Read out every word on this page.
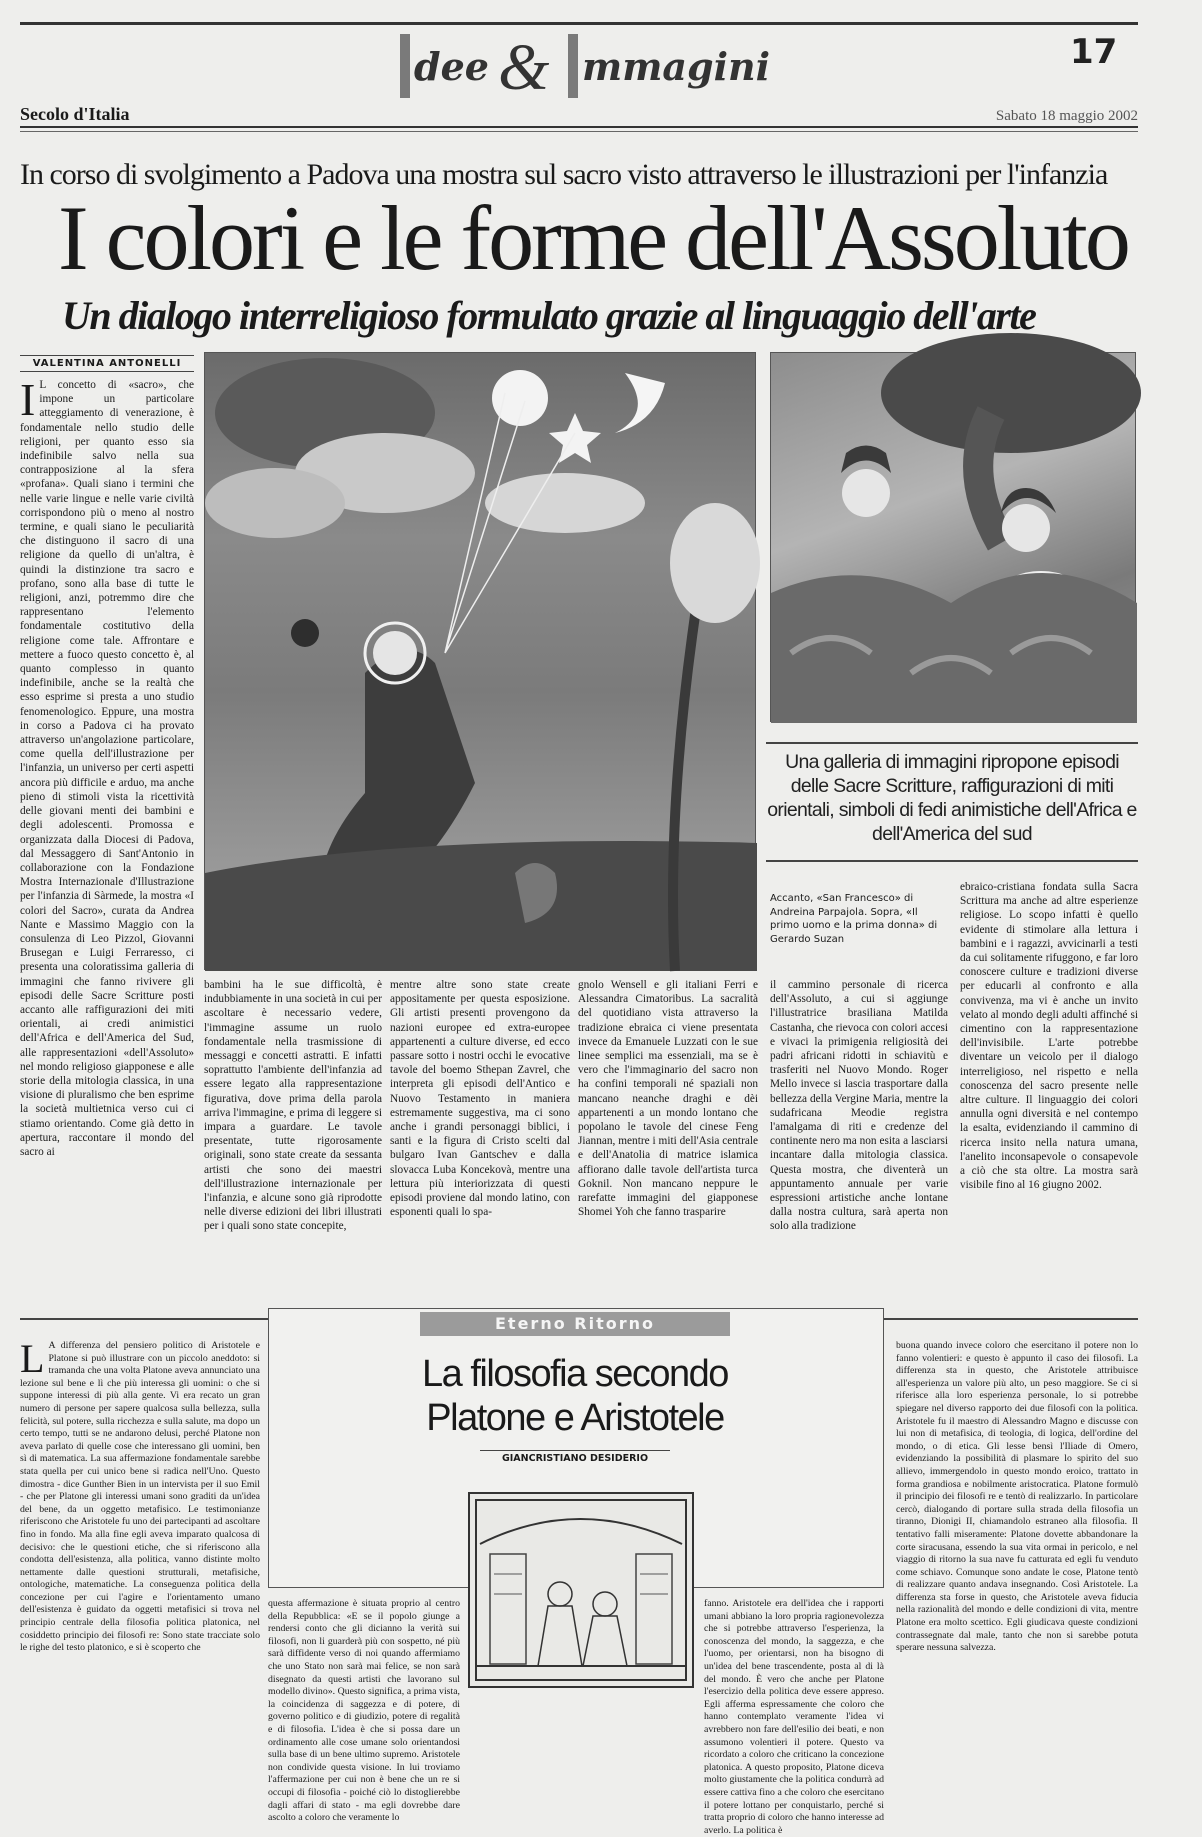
dee & mmagini	17
Secolo d'Italia	Sabato 18 maggio 2002
In corso di svolgimento a Padova una mostra sul sacro visto attraverso le illustrazioni per l'infanzia
I colori e le forme dell'Assoluto
Un dialogo interreligioso formulato grazie al linguaggio dell'arte
VALENTINA ANTONELLI
I L concetto di «sacro», che impone un particolare atteggiamento di venerazione, è fondamentale nello studio delle religioni, per quanto esso sia indefinibile salvo nella sua contrapposizione al la sfera «profana». Quali siano i termini che nelle varie lingue e nelle varie civiltà corrispondono più o meno al nostro termine, e quali siano le peculiarità che distinguono il sacro di una religione da quello di un'altra, è quindi la distinzione tra sacro e profano, sono alla base di tutte le religioni, anzi, potremmo dire che rappresentano l'elemento fondamentale costitutivo della religione come tale. Affrontare e mettere a fuoco questo concetto è, al quanto complesso in quanto indefinibile, anche se la realtà che esso esprime si presta a uno studio fenomenologico. Eppure, una mostra in corso a Padova ci ha provato attraverso un'angolazione particolare, come quella dell'illustrazione per l'infanzia, un universo per certi aspetti ancora più difficile e arduo, ma anche pieno di stimoli vista la ricettività delle giovani menti dei bambini e degli adolescenti. Promossa e organizzata dalla Diocesi di Padova, dal Messaggero di Sant'Antonio in collaborazione con la Fondazione Mostra Internazionale d'Illustrazione per l'infanzia di Sàrmede, la mostra «I colori del Sacro», curata da Andrea Nante e Massimo Maggio con la consulenza di Leo Pizzol, Giovanni Brusegan e Luigi Ferraresso, ci presenta una coloratissima galleria di immagini che fanno rivivere gli episodi delle Sacre Scritture posti accanto alle raffigurazioni dei miti orientali, ai credi animistici dell'Africa e dell'America del Sud, alle rappresentazioni «dell'Assoluto» nel mondo religioso giapponese e alle storie della mitologia classica, in una visione di pluralismo che ben esprime la società multietnica verso cui ci stiamo orientando. Come già detto in apertura, raccontare il mondo del sacro ai
Una galleria di immagini ripropone episodi delle Sacre Scritture, raffigurazioni di miti orientali, simboli di fedi animistiche dell'Africa e dell'America del sud
Accanto, «San Francesco» di Andreina Parpajola. Sopra, «Il primo uomo e la prima donna» di Gerardo Suzan
bambini ha le sue difficoltà, è indubbiamente in una società in cui per ascoltare è necessario vedere, l'immagine assume un ruolo fondamentale nella trasmissione di messaggi e concetti astratti. E infatti soprattutto l'ambiente dell'infanzia ad essere legato alla rappresentazione figurativa, dove prima della parola arriva l'immagine, e prima di leggere si impara a guardare. Le tavole presentate, tutte rigorosamente originali, sono state create da sessanta artisti che sono dei maestri dell'illustrazione internazionale per l'infanzia, e alcune sono già riprodotte nelle diverse edizioni dei libri illustrati per i quali sono state concepite,
mentre altre sono state create appositamente per questa esposizione. Gli artisti presenti provengono da nazioni europee ed extra-europee appartenenti a culture diverse, ed ecco passare sotto i nostri occhi le evocative tavole del boemo Sthepan Zavrel, che interpreta gli episodi dell'Antico e Nuovo Testamento in maniera estremamente suggestiva, ma ci sono anche i grandi personaggi biblici, i santi e la figura di Cristo scelti dal bulgaro Ivan Gantschev e dalla slovacca Luba Koncekovà, mentre una lettura più interiorizzata di questi episodi proviene dal mondo latino, con esponenti quali lo spa-
gnolo Wensell e gli italiani Ferri e Alessandra Cimatoribus. La sacralità del quotidiano vista attraverso la tradizione ebraica ci viene presentata invece da Emanuele Luzzati con le sue linee semplici ma essenziali, ma se è vero che l'immaginario del sacro non ha confini temporali né spaziali non mancano neanche draghi e dèi appartenenti a un mondo lontano che popolano le tavole del cinese Feng Jiannan, mentre i miti dell'Asia centrale e dell'Anatolia di matrice islamica affiorano dalle tavole dell'artista turca Goknil. Non mancano neppure le rarefatte immagini del giapponese Shomei Yoh che fanno trasparire
il cammino personale di ricerca dell'Assoluto, a cui si aggiunge l'illustratrice brasiliana Matilda Castanha, che rievoca con colori accesi e vivaci la primigenia religiosità dei padri africani ridotti in schiavitù e trasferiti nel Nuovo Mondo. Roger Mello invece si lascia trasportare dalla bellezza della Vergine Maria, mentre la sudafricana Meodie registra l'amalgama di riti e credenze del continente nero ma non esita a lasciarsi incantare dalla mitologia classica. Questa mostra, che diventerà un appuntamento annuale per varie espressioni artistiche anche lontane dalla nostra cultura, sarà aperta non solo alla tradizione
ebraico-cristiana fondata sulla Sacra Scrittura ma anche ad altre esperienze religiose. Lo scopo infatti è quello evidente di stimolare alla lettura i bambini e i ragazzi, avvicinarli a testi da cui solitamente rifuggono, e far loro conoscere culture e tradizioni diverse per educarli al confronto e alla convivenza, ma vi è anche un invito velato al mondo degli adulti affinché si cimentino con la rappresentazione dell'invisibile. L'arte potrebbe diventare un veicolo per il dialogo interreligioso, nel rispetto e nella conoscenza del sacro presente nelle altre culture. Il linguaggio dei colori annulla ogni diversità e nel contempo la esalta, evidenziando il cammino di ricerca insito nella natura umana, l'anelito inconsapevole o consapevole a ciò che sta oltre. La mostra sarà visibile fino al 16 giugno 2002.
L A differenza del pensiero politico di Aristotele e Platone si può illustrare con un piccolo aneddoto: si tramanda che una volta Platone aveva annunciato una lezione sul bene e lì che più interessa gli uomini: o che si suppone interessi di più alla gente. Vi era recato un gran numero di persone per sapere qualcosa sulla bellezza, sulla felicità, sul potere, sulla ricchezza e sulla salute, ma dopo un certo tempo, tutti se ne andarono delusi, perché Platone non aveva parlato di quelle cose che interessano gli uomini, ben sì di matematica. La sua affermazione fondamentale sarebbe stata quella per cui unico bene si radica nell'Uno. Questo dimostra - dice Gunther Bien in un intervista per il suo Emil - che per Platone gli interessi umani sono graditi da un'idea del bene, da un oggetto metafisico. Le testimonianze riferiscono che Aristotele fu uno dei partecipanti ad ascoltare fino in fondo. Ma alla fine egli aveva imparato qualcosa di decisivo: che le questioni etiche, che si riferiscono alla condotta dell'esistenza, alla politica, vanno distinte molto nettamente dalle questioni strutturali, metafisiche, ontologiche, matematiche. La conseguenza politica della concezione per cui l'agire e l'orientamento umano dell'esistenza è guidato da oggetti metafisici si trova nel principio centrale della filosofia politica platonica, nel cosiddetto principio dei filosofi re: Sono state tracciate solo le righe del testo platonico, e si è scoperto che
Eterno Ritorno
La filosofia secondo
Platone e Aristotele
GIANCRISTIANO DESIDERIO
questa affermazione è situata proprio al centro della Repubblica: «E se il popolo giunge a rendersi conto che gli dicianno la verità sui filosofi, non li guarderà più con sospetto, né più sarà diffidente verso di noi quando affermiamo che uno Stato non sarà mai felice, se non sarà disegnato da questi artisti che lavorano sul modello divino». Questo significa, a prima vista, la coincidenza di saggezza e di potere, di governo politico e di giudizio, potere di regalità e di filosofia. L'idea è che si possa dare un ordinamento alle cose umane solo orientandosi sulla base di un bene ultimo supremo. Aristotele non condivide questa visione. In lui troviamo l'affermazione per cui non è bene che un re si occupi di filosofia - poiché ciò lo distoglierebbe dagli affari di stato - ma egli dovrebbe dare ascolto a coloro che veramente lo
fanno. Aristotele era dell'idea che i rapporti umani abbiano la loro propria ragionevolezza che si potrebbe attraverso l'esperienza, la conoscenza del mondo, la saggezza, e che l'uomo, per orientarsi, non ha bisogno di un'idea del bene trascendente, posta al di là del mondo. È vero che anche per Platone l'esercizio della politica deve essere appreso. Egli afferma espressamente che coloro che hanno contemplato veramente l'idea vi avrebbero non fare dell'esilio dei beati, e non assumono volentieri il potere. Questo va ricordato a coloro che criticano la concezione platonica. A questo proposito, Platone diceva molto giustamente che la politica condurrà ad essere cattiva fino a che coloro che esercitano il potere lottano per conquistarlo, perché si tratta proprio di coloro che hanno interesse ad averlo. La politica è
buona quando invece coloro che esercitano il potere non lo fanno volentieri: e questo è appunto il caso dei filosofi. La differenza sta in questo, che Aristotele attribuisce all'esperienza un valore più alto, un peso maggiore. Se ci si riferisce alla loro esperienza personale, lo si potrebbe spiegare nel diverso rapporto dei due filosofi con la politica. Aristotele fu il maestro di Alessandro Magno e discusse con lui non di metafisica, di teologia, di logica, dell'ordine del mondo, o di etica. Gli lesse bensì l'Iliade di Omero, evidenziando la possibilità di plasmare lo spirito del suo allievo, immergendolo in questo mondo eroico, trattato in forma grandiosa e nobilmente aristocratica. Platone formulò il principio dei filosofi re e tentò di realizzarlo. In particolare cercò, dialogando di portare sulla strada della filosofia un tiranno, Dionigi II, chiamandolo estraneo alla filosofia. Il tentativo falli miseramente: Platone dovette abbandonare la corte siracusana, essendo la sua vita ormai in pericolo, e nel viaggio di ritorno la sua nave fu catturata ed egli fu venduto come schiavo. Comunque sono andate le cose, Platone tentò di realizzare quanto andava insegnando. Così Aristotele. La differenza sta forse in questo, che Aristotele aveva fiducia nella razionalità del mondo e delle condizioni di vita, mentre Platone era molto scettico. Egli giudicava queste condizioni contrassegnate dal male, tanto che non si sarebbe potuta sperare nessuna salvezza.
